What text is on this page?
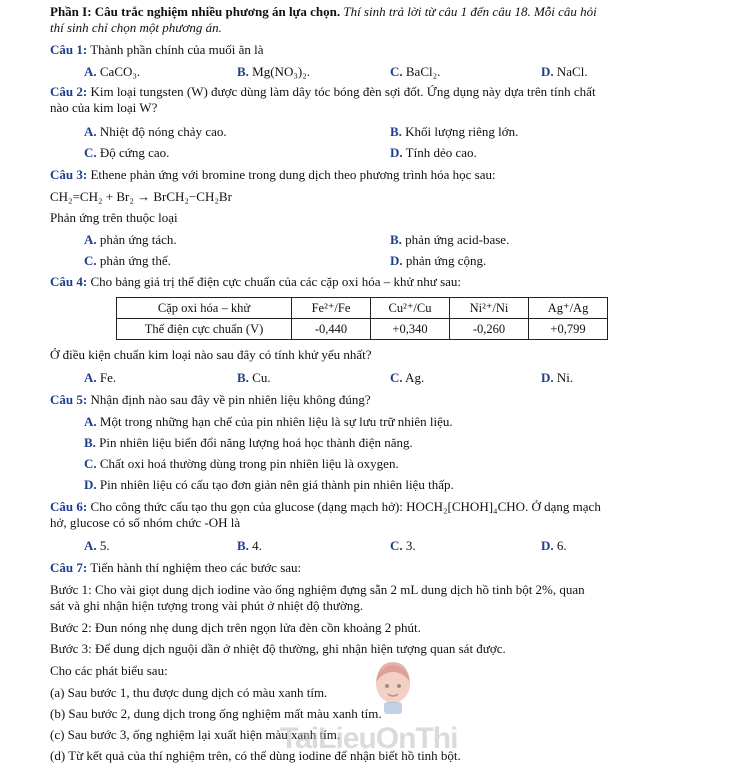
Phần I: Câu trắc nghiệm nhiều phương án lựa chọn. Thí sinh trả lời từ câu 1 đến câu 18. Mỗi câu hỏi
thí sinh chỉ chọn một phương án.
Câu 1: Thành phần chính của muối ăn là
A. CaCO₃.	B. Mg(NO₃)₂.	C. BaCl₂.	D. NaCl.
Câu 2: Kim loại tungsten (W) được dùng làm dây tóc bóng đèn sợi đốt. Ứng dụng này dựa trên tính chất
nào của kim loại W?
A. Nhiệt độ nóng chảy cao.	B. Khối lượng riêng lớn.
C. Độ cứng cao.	D. Tính dẻo cao.
Câu 3: Ethene phản ứng với bromine trong dung dịch theo phương trình hóa học sau:
CH₂=CH₂ + Br₂ → BrCH₂−CH₂Br
Phản ứng trên thuộc loại
A. phản ứng tách.	B. phản ứng acid-base.
C. phản ứng thế.	D. phản ứng cộng.
Câu 4: Cho bảng giá trị thế điện cực chuẩn của các cặp oxi hóa – khử như sau:
Cặp oxi hóa – khử	Fe²⁺/Fe	Cu²⁺/Cu	Ni²⁺/Ni	Ag⁺/Ag
Thế điện cực chuẩn (V)	-0,440	+0,340	-0,260	+0,799
Ở điều kiện chuẩn kim loại nào sau đây có tính khử yếu nhất?
A. Fe.	B. Cu.	C. Ag.	D. Ni.
Câu 5: Nhận định nào sau đây về pin nhiên liệu không đúng?
A. Một trong những hạn chế của pin nhiên liệu là sự lưu trữ nhiên liệu.
B. Pin nhiên liệu biến đổi năng lượng hoá học thành điện năng.
C. Chất oxi hoá thường dùng trong pin nhiên liệu là oxygen.
D. Pin nhiên liệu có cấu tạo đơn giản nên giá thành pin nhiên liệu thấp.
Câu 6: Cho công thức cấu tạo thu gọn của glucose (dạng mạch hở): HOCH₂[CHOH]₄CHO. Ở dạng mạch
hở, glucose có số nhóm chức -OH là
A. 5.	B. 4.	C. 3.	D. 6.
Câu 7: Tiến hành thí nghiệm theo các bước sau:
Bước 1: Cho vài giọt dung dịch iodine vào ống nghiệm đựng sẵn 2 mL dung dịch hồ tinh bột 2%, quan
sát và ghi nhận hiện tượng trong vài phút ở nhiệt độ thường.
Bước 2: Đun nóng nhẹ dung dịch trên ngọn lửa đèn cồn khoảng 2 phút.
Bước 3: Để dung dịch nguội dần ở nhiệt độ thường, ghi nhận hiện tượng quan sát được.
Cho các phát biểu sau:
(a) Sau bước 1, thu được dung dịch có màu xanh tím.
(b) Sau bước 2, dung dịch trong ống nghiệm mất màu xanh tím.
(c) Sau bước 3, ống nghiệm lại xuất hiện màu xanh tím.
(d) Từ kết quả của thí nghiệm trên, có thể dùng iodine để nhận biết hồ tinh bột.
TaiLieuOnThi
